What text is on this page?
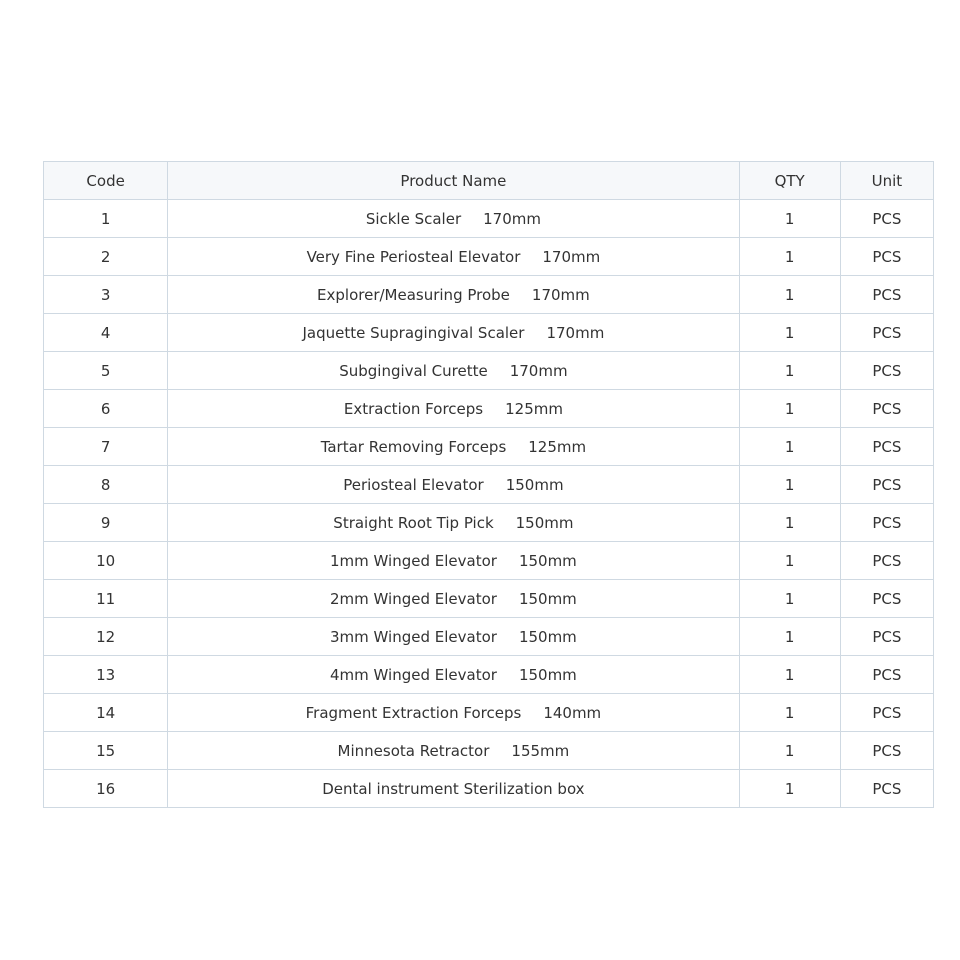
Code	Product Name	QTY	Unit
1	Sickle Scaler 170mm	1	PCS
2	Very Fine Periosteal Elevator 170mm	1	PCS
3	Explorer/Measuring Probe 170mm	1	PCS
4	Jaquette Supragingival Scaler 170mm	1	PCS
5	Subgingival Curette 170mm	1	PCS
6	Extraction Forceps 125mm	1	PCS
7	Tartar Removing Forceps 125mm	1	PCS
8	Periosteal Elevator 150mm	1	PCS
9	Straight Root Tip Pick 150mm	1	PCS
10	1mm Winged Elevator 150mm	1	PCS
11	2mm Winged Elevator 150mm	1	PCS
12	3mm Winged Elevator 150mm	1	PCS
13	4mm Winged Elevator 150mm	1	PCS
14	Fragment Extraction Forceps 140mm	1	PCS
15	Minnesota Retractor 155mm	1	PCS
16	Dental instrument Sterilization box	1	PCS
